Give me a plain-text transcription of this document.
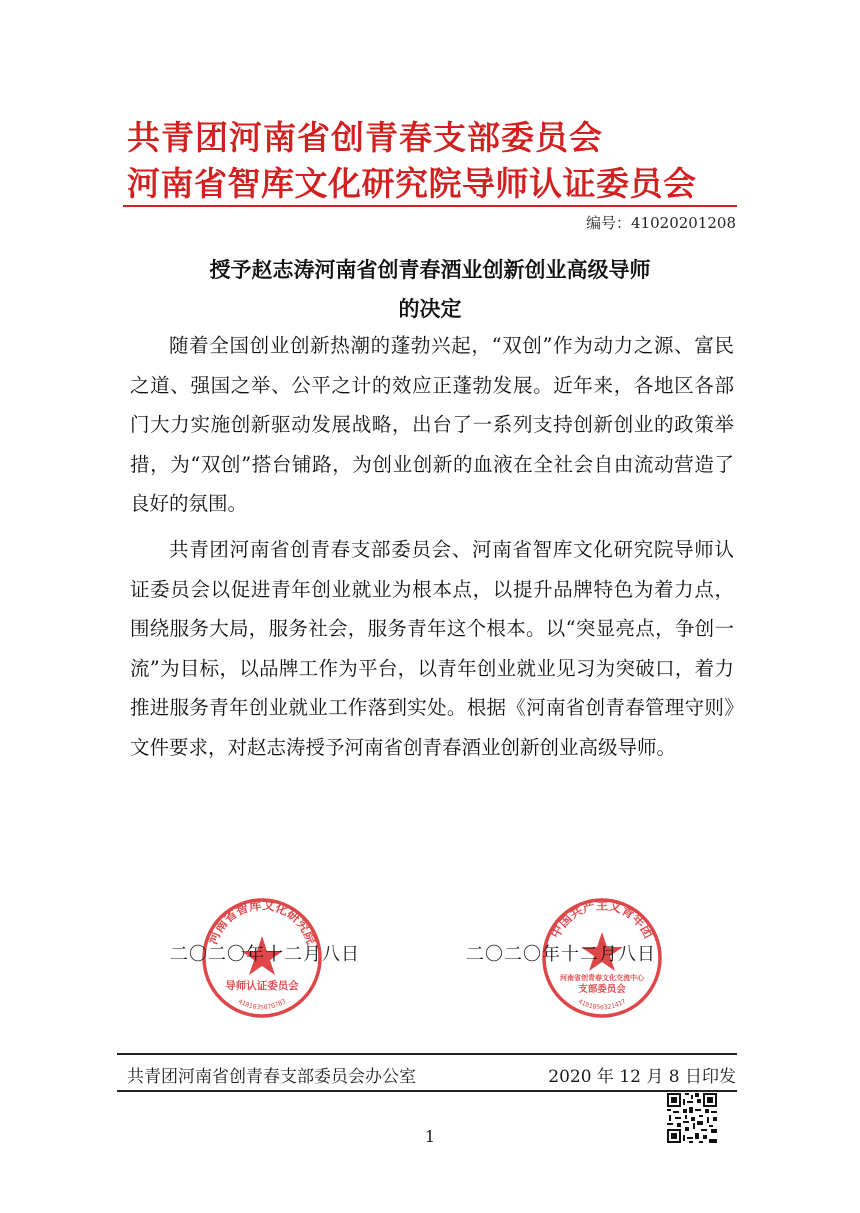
共青团河南省创青春支部委员会
河南省智库文化研究院导师认证委员会
编号：41020201208
授予赵志涛河南省创青春酒业创新创业高级导师
的决定

随着全国创业创新热潮的蓬勃兴起，“双创”作为动力之源、富民之道、强国之举、公平之计的效应正蓬勃发展。近年来，各地区各部门大力实施创新驱动发展战略，出台了一系列支持创新创业的政策举措，为“双创”搭台铺路，为创业创新的血液在全社会自由流动营造了良好的氛围。

共青团河南省创青春支部委员会、河南省智库文化研究院导师认证委员会以促进青年创业就业为根本点，以提升品牌特色为着力点，围绕服务大局，服务社会，服务青年这个根本。以“突显亮点，争创一流”为目标，以品牌工作为平台，以青年创业就业见习为突破口，着力推进服务青年创业就业工作落到实处。根据《河南省创青春管理守则》文件要求，对赵志涛授予河南省创青春酒业创新创业高级导师。

河南省智库文化研究院
导师认证委员会
4101035070783
中国共产主义青年团
河南省创青春文化交流中心
支部委员会
4101050321417
二〇二〇年十二月八日	二〇二〇年十二月八日
共青团河南省创青春支部委员会办公室	2020 年 12 月 8 日印发
1
